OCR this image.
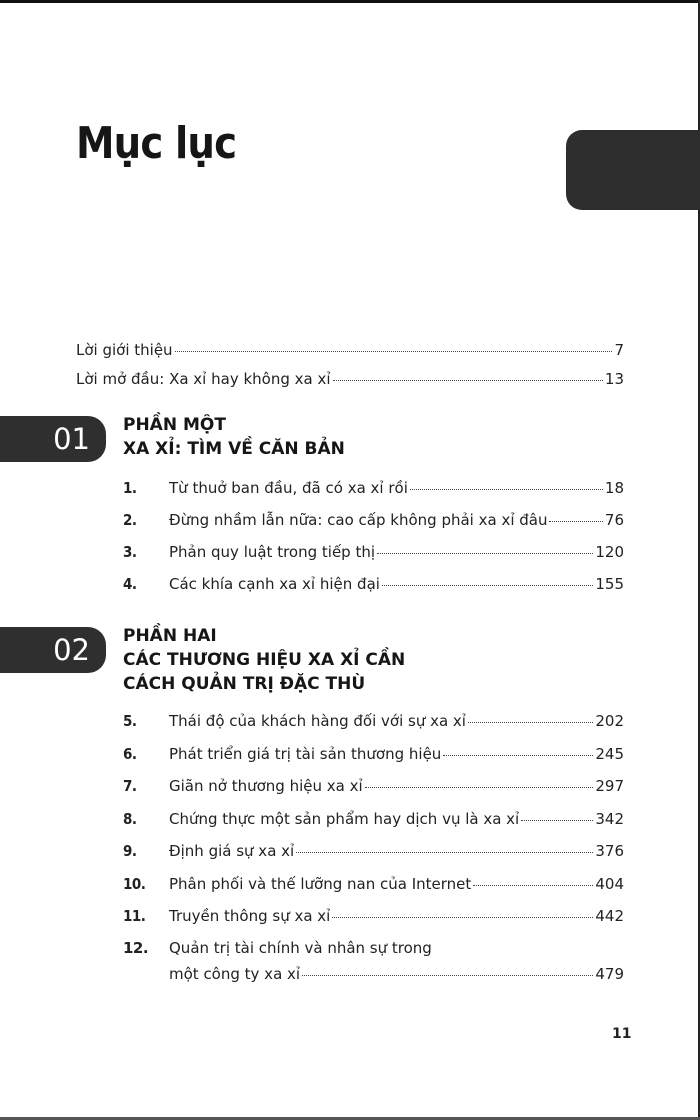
Mục lục
Lời giới thiệu	7
Lời mở đầu: Xa xỉ hay không xa xỉ	13
01 PHẦN MỘT
XA XỈ: TÌM VỀ CĂN BẢN
1.	Từ thuở ban đầu, đã có xa xỉ rồi	18
2.	Đừng nhầm lẫn nữa: cao cấp không phải xa xỉ đâu	76
3.	Phản quy luật trong tiếp thị	120
4.	Các khía cạnh xa xỉ hiện đại	155
02 PHẦN HAI
CÁC THƯƠNG HIỆU XA XỈ CẦN
CÁCH QUẢN TRỊ ĐẶC THÙ
5.	Thái độ của khách hàng đối với sự xa xỉ	202
6.	Phát triển giá trị tài sản thương hiệu	245
7.	Giãn nở thương hiệu xa xỉ	297
8.	Chứng thực một sản phẩm hay dịch vụ là xa xỉ	342
9.	Định giá sự xa xỉ	376
10.	Phân phối và thế lưỡng nan của Internet	404
11.	Truyền thông sự xa xỉ	442
12.	Quản trị tài chính và nhân sự trong
một công ty xa xỉ	479
11
